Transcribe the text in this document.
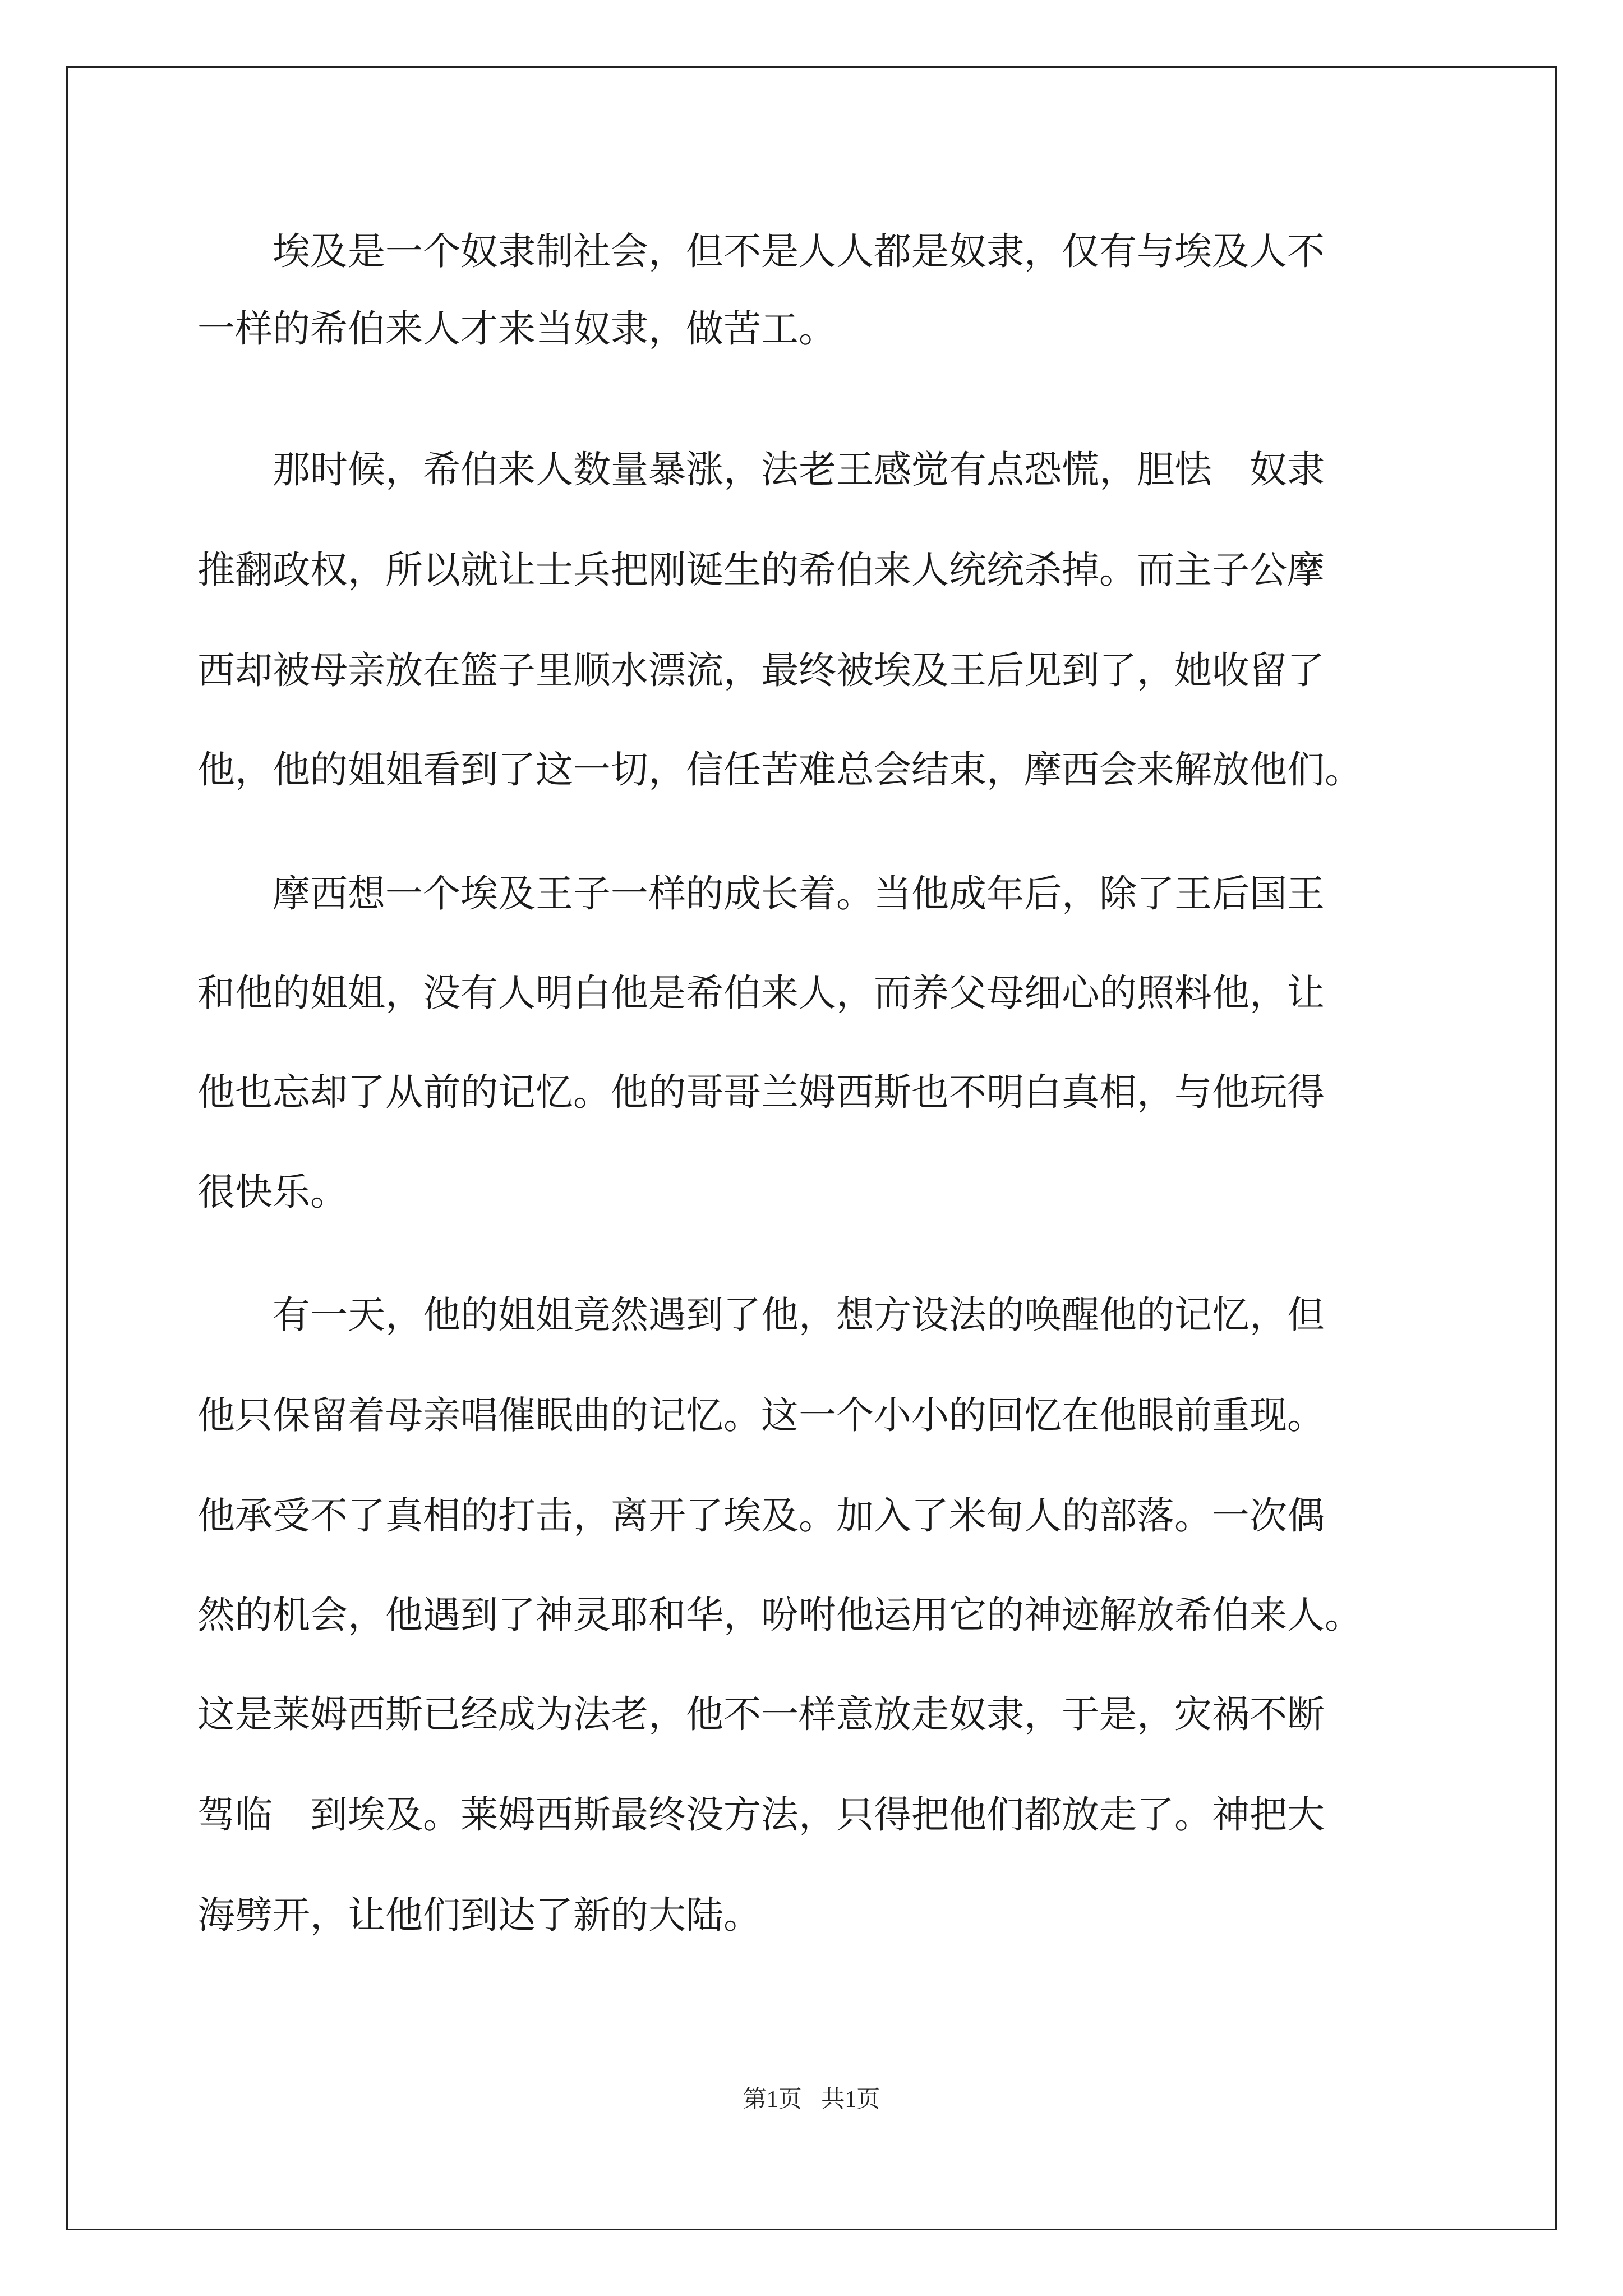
　　埃及是一个奴隶制社会，但不是人人都是奴隶，仅有与埃及人不
一样的希伯来人才来当奴隶，做苦工。
　　那时候，希伯来人数量暴涨，法老王感觉有点恐慌，胆怯　奴隶
推翻政权，所以就让士兵把刚诞生的希伯来人统统杀掉。而主子公摩
西却被母亲放在篮子里顺水漂流，最终被埃及王后见到了，她收留了
他，他的姐姐看到了这一切，信任苦难总会结束，摩西会来解放他们。
　　摩西想一个埃及王子一样的成长着。当他成年后，除了王后国王
和他的姐姐，没有人明白他是希伯来人，而养父母细心的照料他，让
他也忘却了从前的记忆。他的哥哥兰姆西斯也不明白真相，与他玩得
很快乐。
　　有一天，他的姐姐竟然遇到了他，想方设法的唤醒他的记忆，但
他只保留着母亲唱催眠曲的记忆。这一个小小的回忆在他眼前重现。
他承受不了真相的打击，离开了埃及。加入了米甸人的部落。一次偶
然的机会，他遇到了神灵耶和华，吩咐他运用它的神迹解放希伯来人。
这是莱姆西斯已经成为法老，他不一样意放走奴隶，于是，灾祸不断
驾临　到埃及。莱姆西斯最终没方法，只得把他们都放走了。神把大
海劈开，让他们到达了新的大陆。
第1页 共1页
